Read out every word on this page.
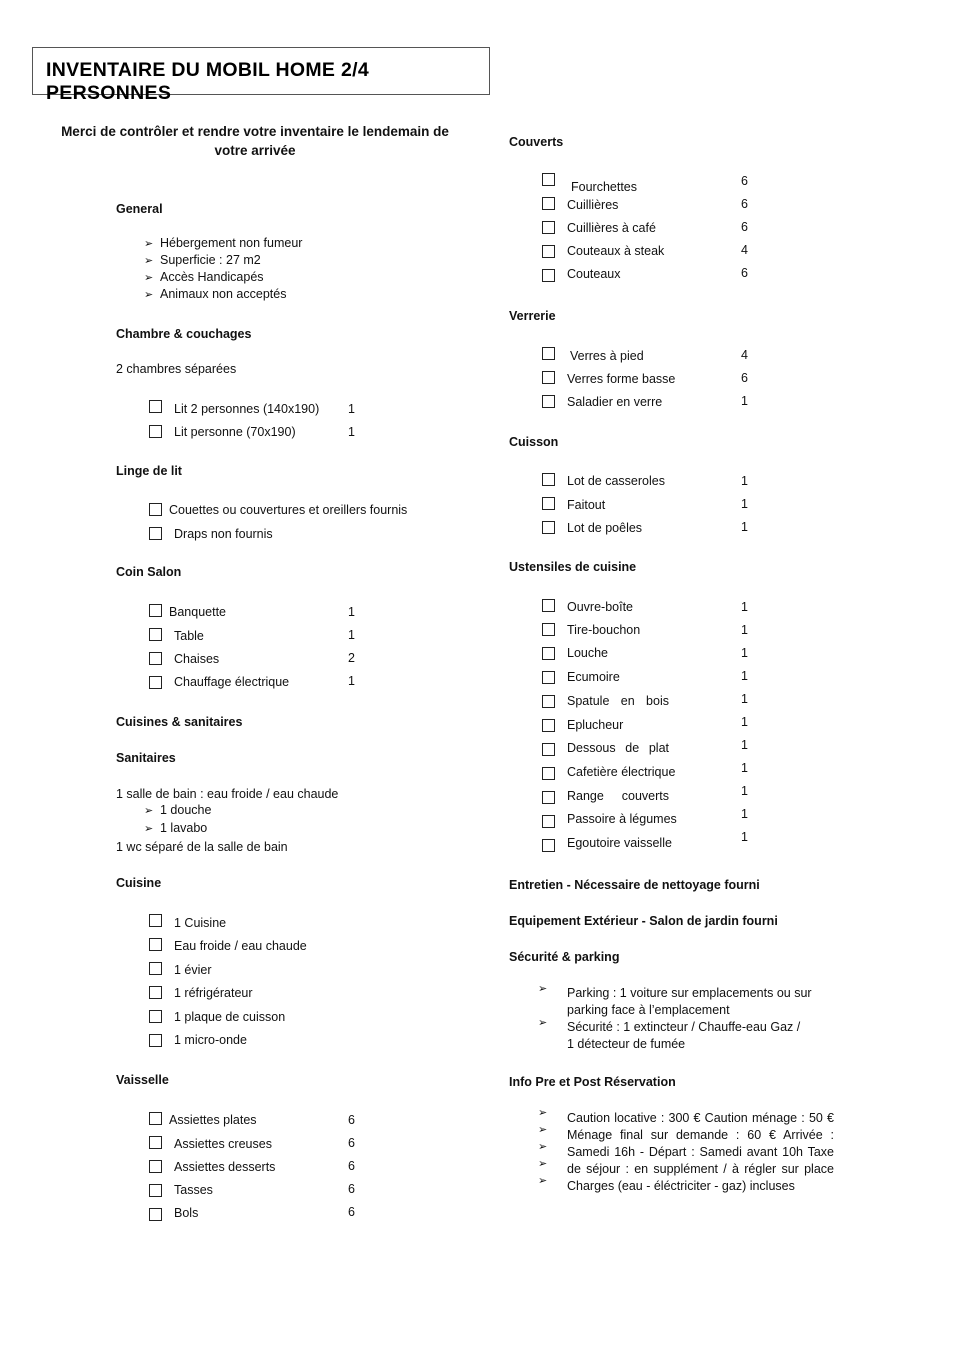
INVENTAIRE DU MOBIL HOME 2/4 PERSONNES
Merci de contrôler et rendre votre inventaire le lendemain de votre arrivée
General
➢ Hébergement non fumeur
➢ Superficie : 27 m2
➢ Accès Handicapés
➢ Animaux non acceptés
Chambre & couchages
2 chambres séparées
Lit 2 personnes (140x190) 1
Lit personne (70x190)	1
Linge de lit
Couettes ou couvertures et oreillers fournis
Draps non fournis
Coin Salon
Banquette	1
Table	1
Chaises	2
Chauffage électrique	1
Cuisines & sanitaires
Sanitaires
1 salle de bain : eau froide / eau chaude
➢ 1 douche
➢ 1 lavabo
1 wc séparé de la salle de bain
Cuisine
1 Cuisine
Eau froide / eau chaude
1 évier
1 réfrigérateur
1 plaque de cuisson
1 micro-onde
Vaisselle
Assiettes plates	6
Assiettes creuses	6
Assiettes desserts	6
Tasses	6
Bols	6
Couverts
Fourchettes	6
Cuillières	6
Cuillières à café	6
Couteaux à steak	4
Couteaux	6
Verrerie
Verres à pied	4
Verres forme basse	6
Saladier en verre	1
Cuisson
Lot de casseroles	1
Faitout	1
Lot de poêles	1
Ustensiles de cuisine
Ouvre-boîte	1
Tire-bouchon	1
Louche	1
Ecumoire	1
Spatule en bois	1
Eplucheur	1
Dessous de plat	1
Cafetière électrique	1
Range couverts	1
Passoire à légumes	1
Egoutoire vaisselle	1
Entretien - Nécessaire de nettoyage fourni
Equipement Extérieur - Salon de jardin fourni
Sécurité & parking
➢ Parking : 1 voiture sur emplacements ou sur parking face à l’emplacement
➢ Sécurité : 1 extincteur / Chauffe-eau Gaz / 1 détecteur de fumée
Info Pre et Post Réservation
➢
➢
➢
➢
➢
Caution locative : 300 € Caution ménage : 50 € Ménage final sur demande : 60 € Arrivée : Samedi 16h - Départ : Samedi avant 10h Taxe de séjour : en supplément / à régler sur place Charges (eau - éléctriciter - gaz) incluses
